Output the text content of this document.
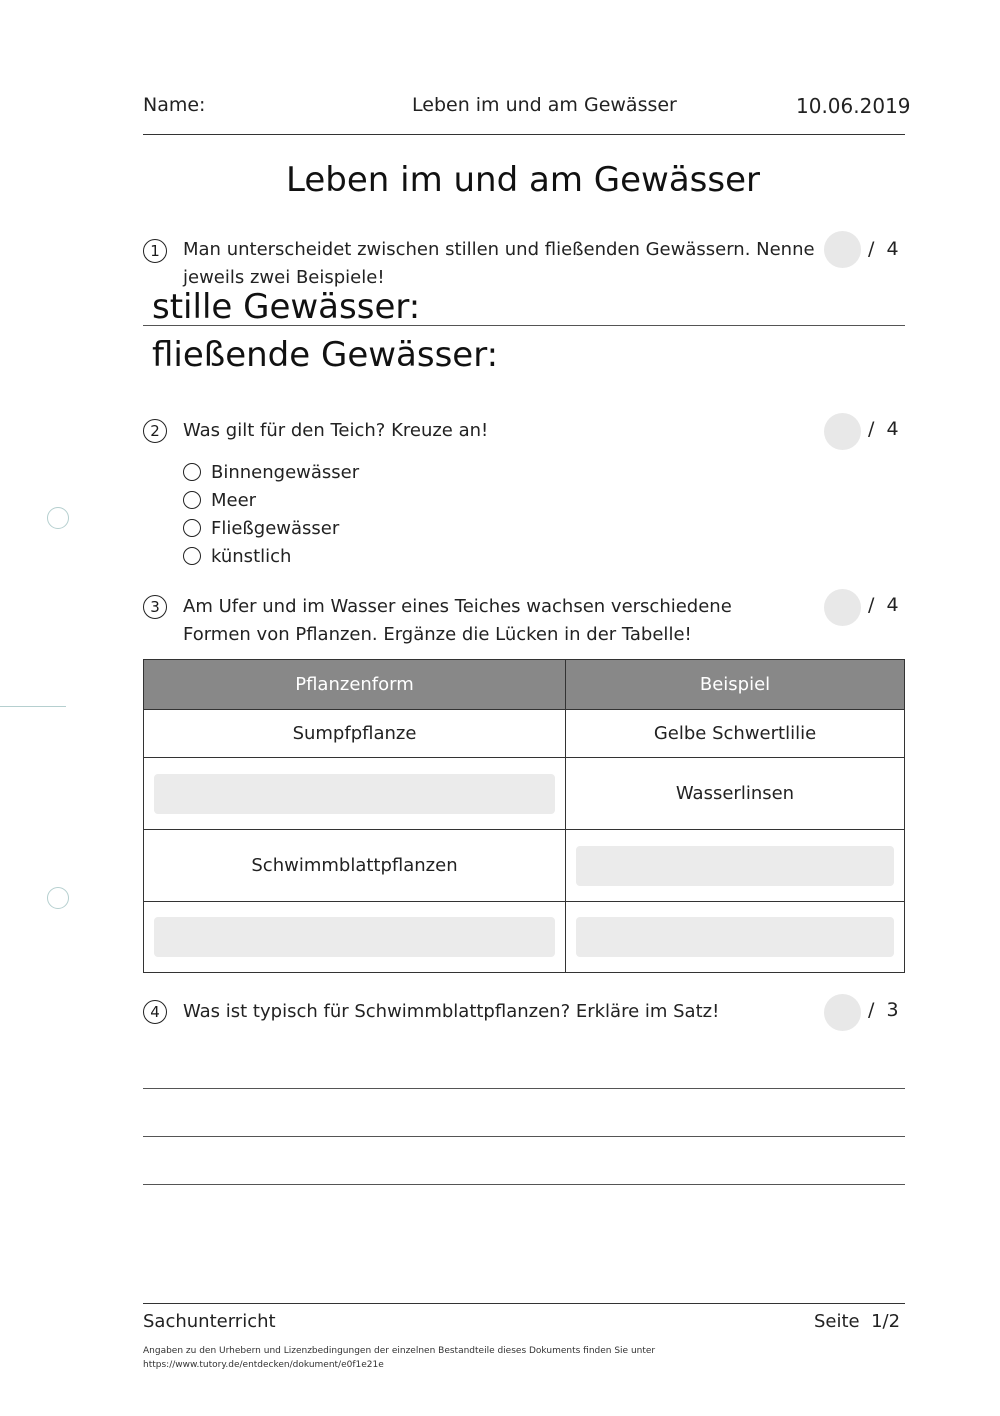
Name:	Leben im und am Gewässer	10.06.2019
Leben im und am Gewässer
1	Man unterscheidet zwischen stillen und fließenden Gewässern. Nenne jeweils zwei Beispiele!
/  4
stille Gewässer:
fließende Gewässer:
2	Was gilt für den Teich? Kreuze an!	/  4
Binnengewässer
Meer
Fließgewässer
künstlich
3	Am Ufer und im Wasser eines Teiches wachsen verschiedene Formen von Pflanzen. Ergänze die Lücken in der Tabelle!
/  4
Pflanzenform	Beispiel
Sumpfpflanze	Gelbe Schwertlilie
	Wasserlinsen
Schwimmblattpflanzen	

4	Was ist typisch für Schwimmblattpflanzen? Erkläre im Satz!	/  3
Sachunterricht	Seite  1/2
Angaben zu den Urhebern und Lizenzbedingungen der einzelnen Bestandteile dieses Dokuments finden Sie unter
https://www.tutory.de/entdecken/dokument/e0f1e21e
